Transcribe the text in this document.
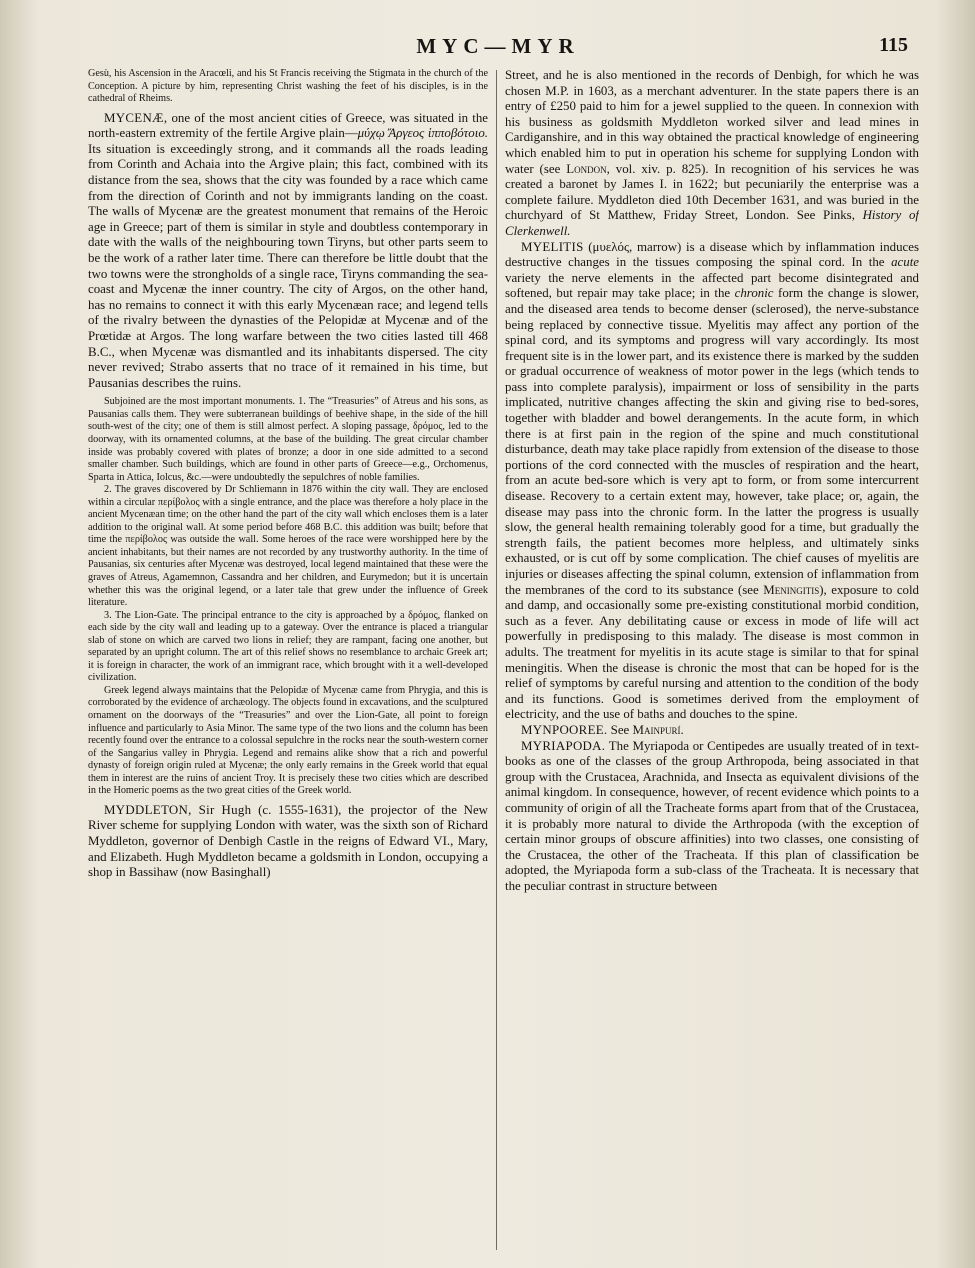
MYC—MYR	115

Gesù, his Ascension in the Aracœli, and his St Francis receiving the Stigmata in the church of the Conception. A picture by him, representing Christ washing the feet of his disciples, is in the cathedral of Rheims.

MYCENÆ, one of the most ancient cities of Greece, was situated in the north-eastern extremity of the fertile Argive plain—μύχῳ Ἄργεος ἱπποβότοιο. Its situation is exceedingly strong, and it commands all the roads leading from Corinth and Achaia into the Argive plain; this fact, combined with its distance from the sea, shows that the city was founded by a race which came from the direction of Corinth and not by immigrants landing on the coast. The walls of Mycenæ are the greatest monument that remains of the Heroic age in Greece; part of them is similar in style and doubtless contemporary in date with the walls of the neighbouring town Tiryns, but other parts seem to be the work of a rather later time. There can therefore be little doubt that the two towns were the strongholds of a single race, Tiryns commanding the sea-coast and Mycenæ the inner country. The city of Argos, on the other hand, has no remains to connect it with this early Mycenæan race; and legend tells of the rivalry between the dynasties of the Pelopidæ at Mycenæ and of the Prœtidæ at Argos. The long warfare between the two cities lasted till 468 B.C., when Mycenæ was dismantled and its inhabitants dispersed. The city never revived; Strabo asserts that no trace of it remained in his time, but Pausanias describes the ruins.

Subjoined are the most important monuments. 1. The “Treasuries” of Atreus and his sons, as Pausanias calls them. They were subterranean buildings of beehive shape, in the side of the hill south-west of the city; one of them is still almost perfect. A sloping passage, δρόμος, led to the doorway, with its ornamented columns, at the base of the building. The great circular chamber inside was probably covered with plates of bronze; a door in one side admitted to a second smaller chamber. Such buildings, which are found in other parts of Greece—e.g., Orchomenus, Sparta in Attica, Iolcus, &c.—were undoubtedly the sepulchres of noble families.

2. The graves discovered by Dr Schliemann in 1876 within the city wall. They are enclosed within a circular περίβολος with a single entrance, and the place was therefore a holy place in the ancient Mycenæan time; on the other hand the part of the city wall which encloses them is a later addition to the original wall. At some period before 468 B.C. this addition was built; before that time the περίβολος was outside the wall. Some heroes of the race were worshipped here by the ancient inhabitants, but their names are not recorded by any trustworthy authority. In the time of Pausanias, six centuries after Mycenæ was destroyed, local legend maintained that these were the graves of Atreus, Agamemnon, Cassandra and her children, and Eurymedon; but it is uncertain whether this was the original legend, or a later tale that grew under the influence of Greek literature.

3. The Lion-Gate. The principal entrance to the city is approached by a δρόμος, flanked on each side by the city wall and leading up to a gateway. Over the entrance is placed a triangular slab of stone on which are carved two lions in relief; they are rampant, facing one another, but separated by an upright column. The art of this relief shows no resemblance to archaic Greek art; it is foreign in character, the work of an immigrant race, which brought with it a well-developed civilization.

Greek legend always maintains that the Pelopidæ of Mycenæ came from Phrygia, and this is corroborated by the evidence of archæology. The objects found in excavations, and the sculptured ornament on the doorways of the “Treasuries” and over the Lion-Gate, all point to foreign influence and particularly to Asia Minor. The same type of the two lions and the column has been recently found over the entrance to a colossal sepulchre in the rocks near the south-western corner of the Sangarius valley in Phrygia. Legend and remains alike show that a rich and powerful dynasty of foreign origin ruled at Mycenæ; the only early remains in the Greek world that equal them in interest are the ruins of ancient Troy. It is precisely these two cities which are described in the Homeric poems as the two great cities of the Greek world.

MYDDLETON, Sir Hugh (c. 1555-1631), the projector of the New River scheme for supplying London with water, was the sixth son of Richard Myddleton, governor of Denbigh Castle in the reigns of Edward VI., Mary, and Elizabeth. Hugh Myddleton became a goldsmith in London, occupying a shop in Bassihaw (now Basinghall)

Street, and he is also mentioned in the records of Denbigh, for which he was chosen M.P. in 1603, as a merchant adventurer. In the state papers there is an entry of £250 paid to him for a jewel supplied to the queen. In connexion with his business as goldsmith Myddleton worked silver and lead mines in Cardiganshire, and in this way obtained the practical knowledge of engineering which enabled him to put in operation his scheme for supplying London with water (see London, vol. xiv. p. 825). In recognition of his services he was created a baronet by James I. in 1622; but pecuniarily the enterprise was a complete failure. Myddleton died 10th December 1631, and was buried in the churchyard of St Matthew, Friday Street, London. See Pinks, History of Clerkenwell.

MYELITIS (μυελός, marrow) is a disease which by inflammation induces destructive changes in the tissues composing the spinal cord. In the acute variety the nerve elements in the affected part become disintegrated and softened, but repair may take place; in the chronic form the change is slower, and the diseased area tends to become denser (sclerosed), the nerve-substance being replaced by connective tissue. Myelitis may affect any portion of the spinal cord, and its symptoms and progress will vary accordingly. Its most frequent site is in the lower part, and its existence there is marked by the sudden or gradual occurrence of weakness of motor power in the legs (which tends to pass into complete paralysis), impairment or loss of sensibility in the parts implicated, nutritive changes affecting the skin and giving rise to bed-sores, together with bladder and bowel derangements. In the acute form, in which there is at first pain in the region of the spine and much constitutional disturbance, death may take place rapidly from extension of the disease to those portions of the cord connected with the muscles of respiration and the heart, from an acute bed-sore which is very apt to form, or from some intercurrent disease. Recovery to a certain extent may, however, take place; or, again, the disease may pass into the chronic form. In the latter the progress is usually slow, the general health remaining tolerably good for a time, but gradually the strength fails, the patient becomes more helpless, and ultimately sinks exhausted, or is cut off by some complication. The chief causes of myelitis are injuries or diseases affecting the spinal column, extension of inflammation from the membranes of the cord to its substance (see Meningitis), exposure to cold and damp, and occasionally some pre-existing constitutional morbid condition, such as a fever. Any debilitating cause or excess in mode of life will act powerfully in predisposing to this malady. The disease is most common in adults. The treatment for myelitis in its acute stage is similar to that for spinal meningitis. When the disease is chronic the most that can be hoped for is the relief of symptoms by careful nursing and attention to the condition of the body and its functions. Good is sometimes derived from the employment of electricity, and the use of baths and douches to the spine.

MYNPOOREE. See Mainpurí.

MYRIAPODA. The Myriapoda or Centipedes are usually treated of in text-books as one of the classes of the group Arthropoda, being associated in that group with the Crustacea, Arachnida, and Insecta as equivalent divisions of the animal kingdom. In consequence, however, of recent evidence which points to a community of origin of all the Tracheate forms apart from that of the Crustacea, it is probably more natural to divide the Arthropoda (with the exception of certain minor groups of obscure affinities) into two classes, one consisting of the Crustacea, the other of the Tracheata. If this plan of classification be adopted, the Myriapoda form a sub-class of the Tracheata. It is necessary that the peculiar contrast in structure between
